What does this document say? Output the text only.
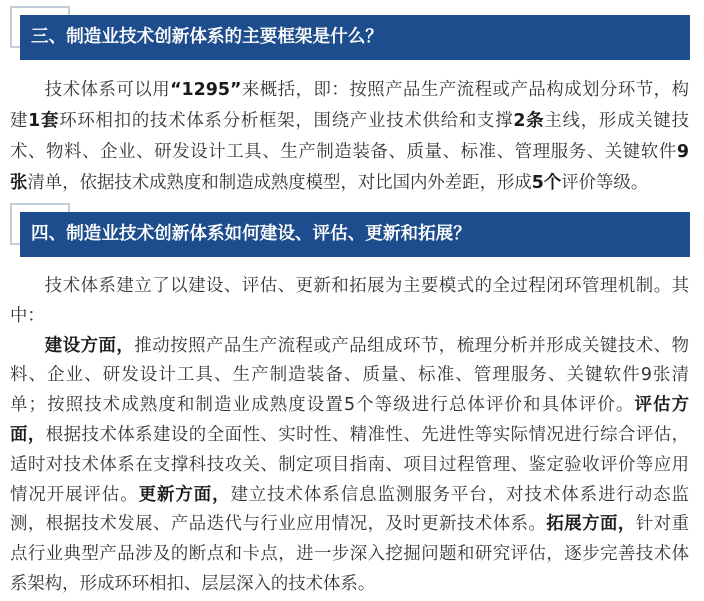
三、制造业技术创新体系的主要框架是什么？
技术体系可以用“1295”来概括，即：按照产品生产流程或产品构成划分环节，构
建1套环环相扣的技术体系分析框架，围绕产业技术供给和支撑2条主线，形成关键技
术、物料、企业、研发设计工具、生产制造装备、质量、标准、管理服务、关键软件9
张清单，依据技术成熟度和制造成熟度模型，对比国内外差距，形成5个评价等级。
四、制造业技术创新体系如何建设、评估、更新和拓展？
技术体系建立了以建设、评估、更新和拓展为主要模式的全过程闭环管理机制。其
中：
建设方面，推动按照产品生产流程或产品组成环节，梳理分析并形成关键技术、物
料、企业、研发设计工具、生产制造装备、质量、标准、管理服务、关键软件9张清
单；按照技术成熟度和制造业成熟度设置5个等级进行总体评价和具体评价。评估方
面，根据技术体系建设的全面性、实时性、精准性、先进性等实际情况进行综合评估，
适时对技术体系在支撑科技攻关、制定项目指南、项目过程管理、鉴定验收评价等应用
情况开展评估。更新方面，建立技术体系信息监测服务平台，对技术体系进行动态监
测，根据技术发展、产品迭代与行业应用情况，及时更新技术体系。拓展方面，针对重
点行业典型产品涉及的断点和卡点，进一步深入挖掘问题和研究评估，逐步完善技术体
系架构，形成环环相扣、层层深入的技术体系。
